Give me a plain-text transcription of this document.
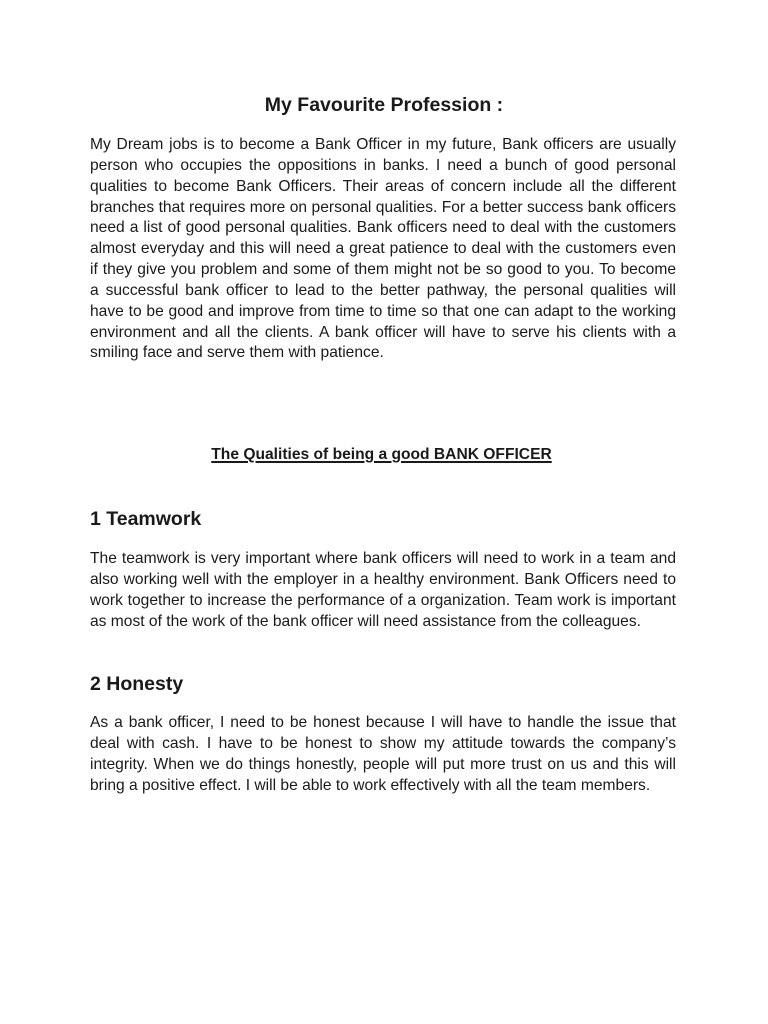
My Favourite Profession :

My Dream jobs is to become a Bank Officer in my future, Bank officers are usually person who occupies the oppositions in banks. I need a bunch of good personal qualities to become Bank Officers. Their areas of concern include all the different branches that requires more on personal qualities. For a better success bank officers need a list of good personal qualities. Bank officers need to deal with the customers almost everyday and this will need a great patience to deal with the customers even if they give you problem and some of them might not be so good to you. To become a successful bank officer to lead to the better pathway, the personal qualities will have to be good and improve from time to time so that one can adapt to the working environment and all the clients. A bank officer will have to serve his clients with a smiling face and serve them with patience.

The Qualities of being a good BANK OFFICER
1 Teamwork

The teamwork is very important where bank officers will need to work in a team and also working well with the employer in a healthy environment. Bank Officers need to work together to increase the performance of a organization. Team work is important as most of the work of the bank officer will need assistance from the colleagues.

2 Honesty

As a bank officer, I need to be honest because I will have to handle the issue that deal with cash. I have to be honest to show my attitude towards the company’s integrity. When we do things honestly, people will put more trust on us and this will bring a positive effect. I will be able to work effectively with all the team members.
